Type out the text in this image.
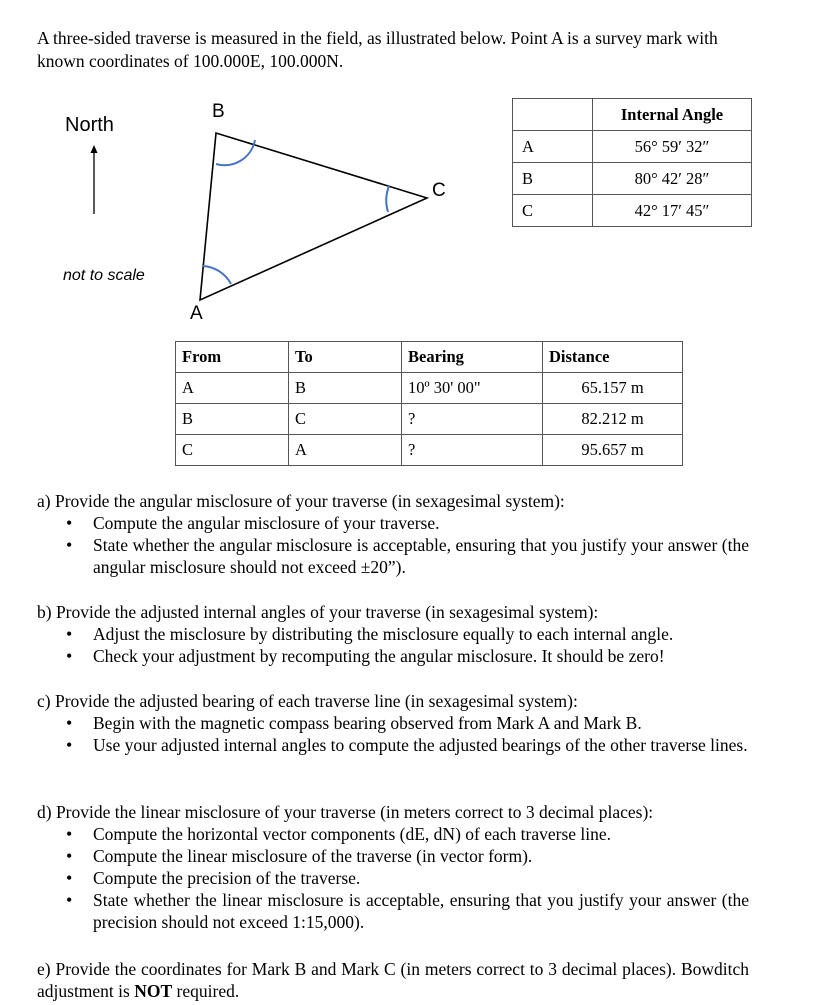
A three-sided traverse is measured in the field, as illustrated below. Point A is a survey mark with known coordinates of 100.000E, 100.000N.
North
not to scale
B
C
A
	Internal Angle
A	56° 59′ 32″
B	80° 42′ 28″
C	42° 17′ 45″
From	To	Bearing	Distance
A	B	10º 30' 00"	65.157 m
B	C	?	82.212 m
C	A	?	95.657 m
a) Provide the angular misclosure of your traverse (in sexagesimal system):
• Compute the angular misclosure of your traverse.
• State whether the angular misclosure is acceptable, ensuring that you justify your answer (the angular misclosure should not exceed ±20”).
b) Provide the adjusted internal angles of your traverse (in sexagesimal system):
• Adjust the misclosure by distributing the misclosure equally to each internal angle.
• Check your adjustment by recomputing the angular misclosure. It should be zero!
c) Provide the adjusted bearing of each traverse line (in sexagesimal system):
• Begin with the magnetic compass bearing observed from Mark A and Mark B.
• Use your adjusted internal angles to compute the adjusted bearings of the other traverse lines.
d) Provide the linear misclosure of your traverse (in meters correct to 3 decimal places):
• Compute the horizontal vector components (dE, dN) of each traverse line.
• Compute the linear misclosure of the traverse (in vector form).
• Compute the precision of the traverse.
• State whether the linear misclosure is acceptable, ensuring that you justify your answer (the precision should not exceed 1:15,000).
e) Provide the coordinates for Mark B and Mark C (in meters correct to 3 decimal places). Bowditch adjustment is NOT required.
